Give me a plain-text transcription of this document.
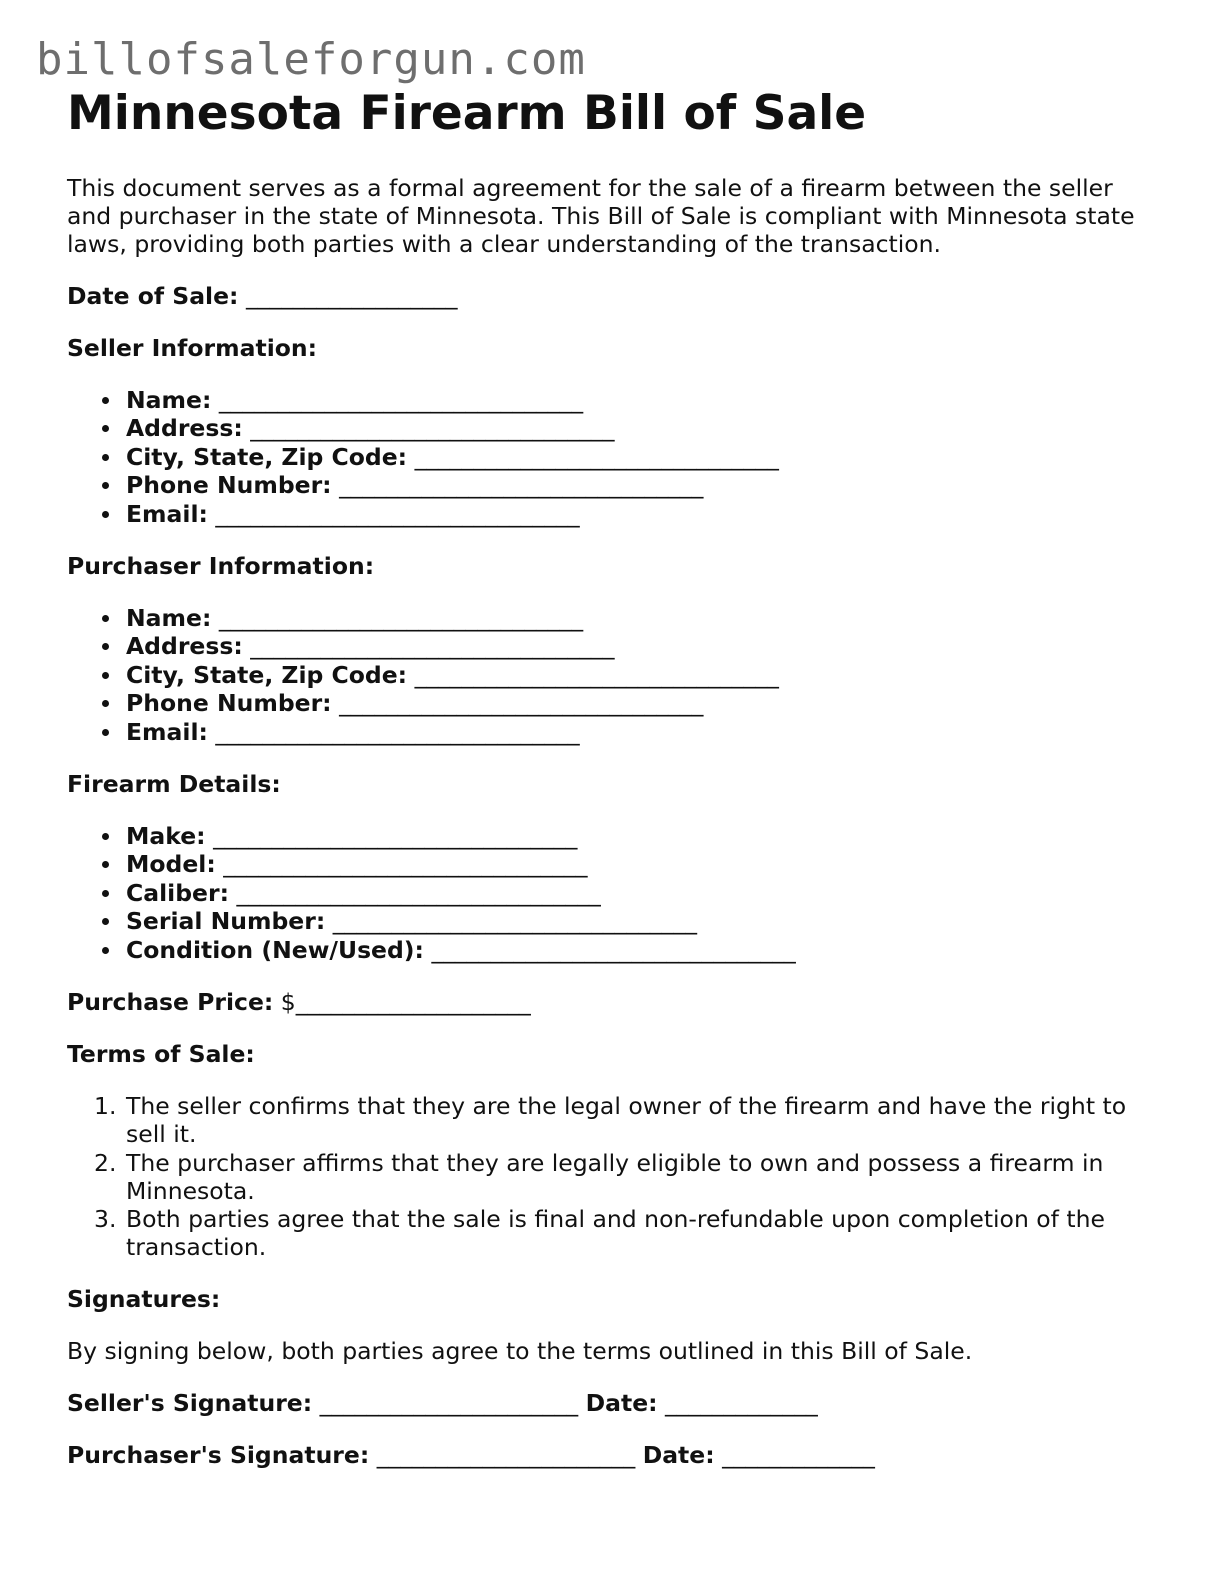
billofsaleforgun.com
Minnesota Firearm Bill of Sale

This document serves as a formal agreement for the sale of a firearm between the seller and purchaser in the state of Minnesota. This Bill of Sale is compliant with Minnesota state laws, providing both parties with a clear understanding of the transaction.

Date of Sale: __________________

Seller Information:
Name: _______________________________
Address: _______________________________
City, State, Zip Code: _______________________________
Phone Number: _______________________________
Email: _______________________________
Purchaser Information:
Name: _______________________________
Address: _______________________________
City, State, Zip Code: _______________________________
Phone Number: _______________________________
Email: _______________________________
Firearm Details:
Make: _______________________________
Model: _______________________________
Caliber: _______________________________
Serial Number: _______________________________
Condition (New/Used): _______________________________

Purchase Price: $____________________

Terms of Sale:
1. The seller confirms that they are the legal owner of the firearm and have the right to sell it.
2. The purchaser affirms that they are legally eligible to own and possess a firearm in Minnesota.
3. Both parties agree that the sale is final and non-refundable upon completion of the transaction.
Signatures:

By signing below, both parties agree to the terms outlined in this Bill of Sale.

Seller's Signature: ______________________ Date: _____________

Purchaser's Signature: ______________________ Date: _____________
